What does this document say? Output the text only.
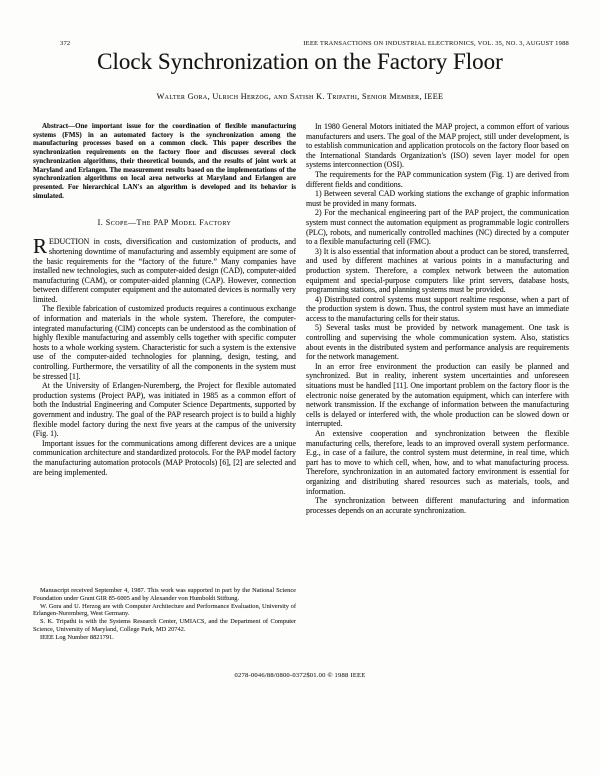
372	IEEE TRANSACTIONS ON INDUSTRIAL ELECTRONICS, VOL. 35, NO. 3, AUGUST 1988
Clock Synchronization on the Factory Floor
Walter Gora, Ulrich Herzog, and Satish K. Tripathi, Senior Member, IEEE

Abstract—One important issue for the coordination of flexible manufacturing systems (FMS) in an automated factory is the synchronization among the manufacturing processes based on a common clock. This paper describes the synchronization requirements on the factory floor and discusses several clock synchronization algorithms, their theoretical bounds, and the results of joint work at Maryland and Erlangen. The measurement results based on the implementations of the synchronization algorithms on local area networks at Maryland and Erlangen are presented. For hierarchical LAN's an algorithm is developed and its behavior is simulated.

I. Scope—The PAP Model Factory

REDUCTION in costs, diversification and customization of products, and shortening downtime of manufacturing and assembly equipment are some of the basic requirements for the “factory of the future.” Many companies have installed new technologies, such as computer-aided design (CAD), computer-aided manufacturing (CAM), or computer-aided planning (CAP). However, connection between different computer equipment and the automated devices is normally very limited.

The flexible fabrication of customized products requires a continuous exchange of information and materials in the whole system. Therefore, the computer-integrated manufacturing (CIM) concepts can be understood as the combination of highly flexible manufacturing and assembly cells together with specific computer hosts to a whole working system. Characteristic for such a system is the extensive use of the computer-aided technologies for planning, design, testing, and controlling. Furthermore, the versatility of all the components in the system must be stressed [1].

At the University of Erlangen-Nuremberg, the Project for flexible automated production systems (Project PAP), was initiated in 1985 as a common effort of both the Industrial Engineering and Computer Science Departments, supported by government and industry. The goal of the PAP research project is to build a highly flexible model factory during the next five years at the campus of the university (Fig. 1).

Important issues for the communications among different devices are a unique communication architecture and standardized protocols. For the PAP model factory the manufacturing automation protocols (MAP Protocols) [6], [2] are selected and are being implemented.

Manuscript received September 4, 1987. This work was supported in part by the National Science Foundation under Grant GIR 85-6005 and by Alexander von Humboldt Stiftung.

W. Gora and U. Herzog are with Computer Architecture and Performance Evaluation, University of Erlangen-Nuremberg, West Germany.

S. K. Tripathi is with the Systems Research Center, UMIACS, and the Department of Computer Science, University of Maryland, College Park, MD 20742.

IEEE Log Number 8821791.

In 1980 General Motors initiated the MAP project, a common effort of various manufacturers and users. The goal of the MAP project, still under development, is to establish communication and application protocols on the factory floor based on the International Standards Organization's (ISO) seven layer model for open systems interconnection (OSI).

The requirements for the PAP communication system (Fig. 1) are derived from different fields and conditions.

1) Between several CAD working stations the exchange of graphic information must be provided in many formats.

2) For the mechanical engineering part of the PAP project, the communication system must connect the automation equipment as programmable logic controllers (PLC), robots, and numerically controlled machines (NC) directed by a computer to a flexible manufacturing cell (FMC).

3) It is also essential that information about a product can be stored, transferred, and used by different machines at various points in a manufacturing and production system. Therefore, a complex network between the automation equipment and special-purpose computers like print servers, database hosts, programming stations, and planning systems must be provided.

4) Distributed control systems must support realtime response, when a part of the production system is down. Thus, the control system must have an immediate access to the manufacturing cells for their status.

5) Several tasks must be provided by network management. One task is controlling and supervising the whole communication system. Also, statistics about events in the distributed system and performance analysis are requirements for the network management.

In an error free environment the production can easily be planned and synchronized. But in reality, inherent system uncertainties and unforeseen situations must be handled [11]. One important problem on the factory floor is the electronic noise generated by the automation equipment, which can interfere with network transmission. If the exchange of information between the manufacturing cells is delayed or interfered with, the whole production can be slowed down or interrupted.

An extensive cooperation and synchronization between the flexible manufacturing cells, therefore, leads to an improved overall system performance. E.g., in case of a failure, the control system must determine, in real time, which part has to move to which cell, when, how, and to what manufacturing process. Therefore, synchronization in an automated factory environment is essential for organizing and distributing shared resources such as materials, tools, and information.

The synchronization between different manufacturing and information processes depends on an accurate synchronization.

0278-0046/88/0800-0372$01.00 © 1988 IEEE
